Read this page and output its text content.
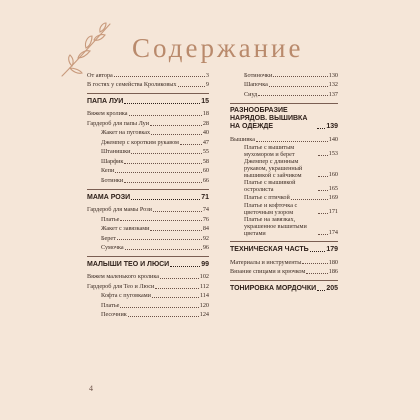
Содержание
От автора	3
В гостях у семейства Кроликовых	9
ПАПА ЛУИ	15
Вяжем кролика	18
Гардероб для папы Луи	28
Жакет на пуговках	40
Джемпер с коротким рукавом	47
Штанишки	55
Шарфик	58
Кепи	60
Ботинки	66
МАМА РОЗИ	71
Гардероб для мамы Рози	74
Платье	76
Жакет с завязками	84
Берет	92
Сумочка	96
МАЛЫШИ ТЕО И ЛЮСИ	99
Вяжем маленького кролика	102
Гардероб для Тео и Люси	112
Кофта с пуговками	114
Платье	120
Песочник	124
Ботиночки	130
Шапочка	132
Сиуд	137
РАЗНООБРАЗИЕ НАРЯДОВ. ВЫШИВКА НА ОДЕЖДЕ	139
Вышивка	140
Платье с вышитым мухомором и берет	153
Джемпер с длинным рукавом, украшенный вышивкой с зайчиком	160
Платье с вышивкой остролиста	165
Платье с птичкой	169
Платье и кофточка с цветочным узором	171
Платье на завязках, украшенное вышитыми цветами	174
ТЕХНИЧЕСКАЯ ЧАСТЬ	179
Материалы и инструменты	180
Вязание спицами и крючком	186
ТОНИРОВКА МОРДОЧКИ 205
4
